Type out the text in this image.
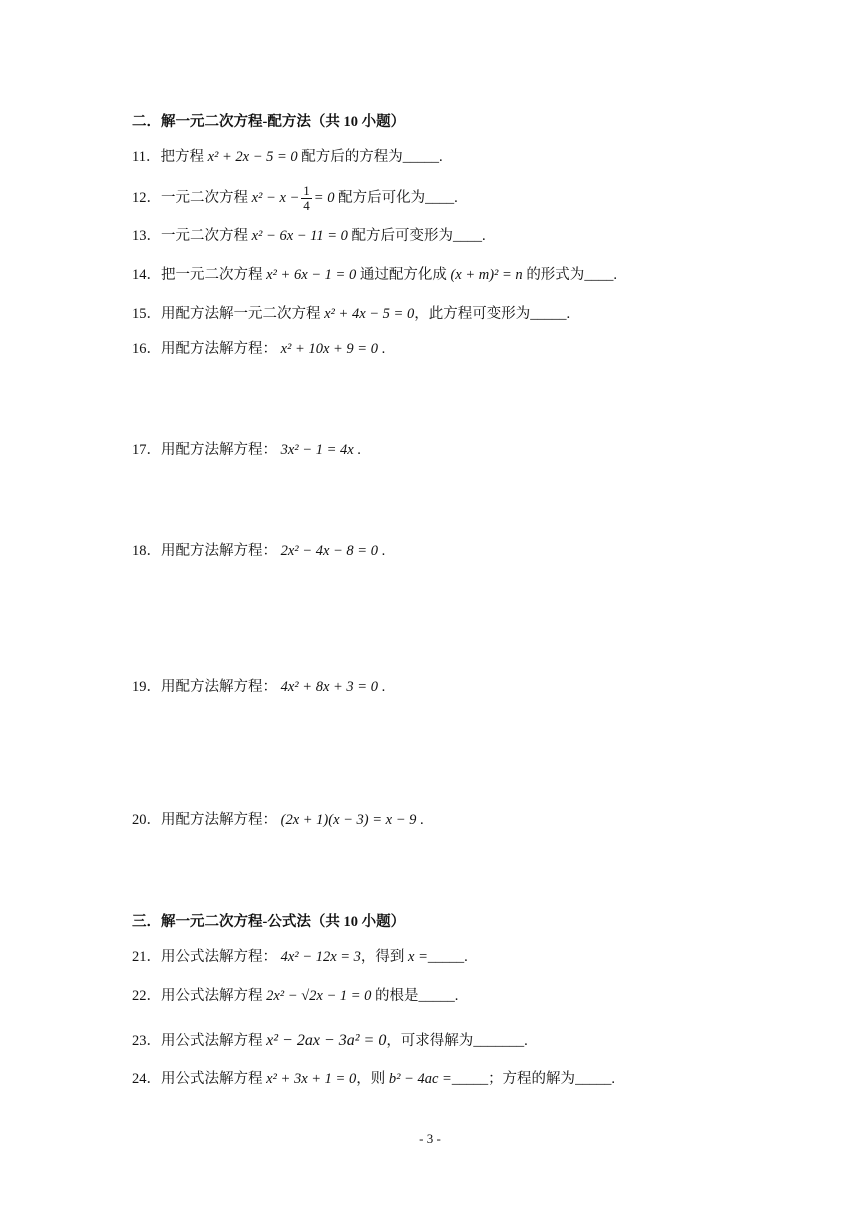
二．解一元二次方程-配方法（共 10 小题）
11．把方程 x² + 2x − 5 = 0 配方后的方程为_____.
12．一元二次方程 $x^2 - x - \frac{1}{4} = 0$ 配方后可化为____.
13．一元二次方程 x² − 6x − 11 = 0 配方后可变形为____.
14．把一元二次方程 x² + 6x − 1 = 0 通过配方化成 (x + m)² = n 的形式为____.
15．用配方法解一元二次方程 x² + 4x − 5 = 0，此方程可变形为_____.
16．用配方法解方程： x² + 10x + 9 = 0 .
17．用配方法解方程： 3x² − 1 = 4x .
18．用配方法解方程： 2x² − 4x − 8 = 0 .
19．用配方法解方程： 4x² + 8x + 3 = 0 .
20．用配方法解方程： (2x + 1)(x − 3) = x − 9 .
三．解一元二次方程-公式法（共 10 小题）
21．用公式法解方程： 4x² − 12x = 3，得到 x =_____.
22．用公式法解方程 2x² − √2x − 1 = 0 的根是_____.
23．用公式法解方程 x² − 2ax − 3a² = 0，可求得解为_______.
24．用公式法解方程 x² + 3x + 1 = 0，则 b² − 4ac =_____；方程的解为_____.
- 3 -
